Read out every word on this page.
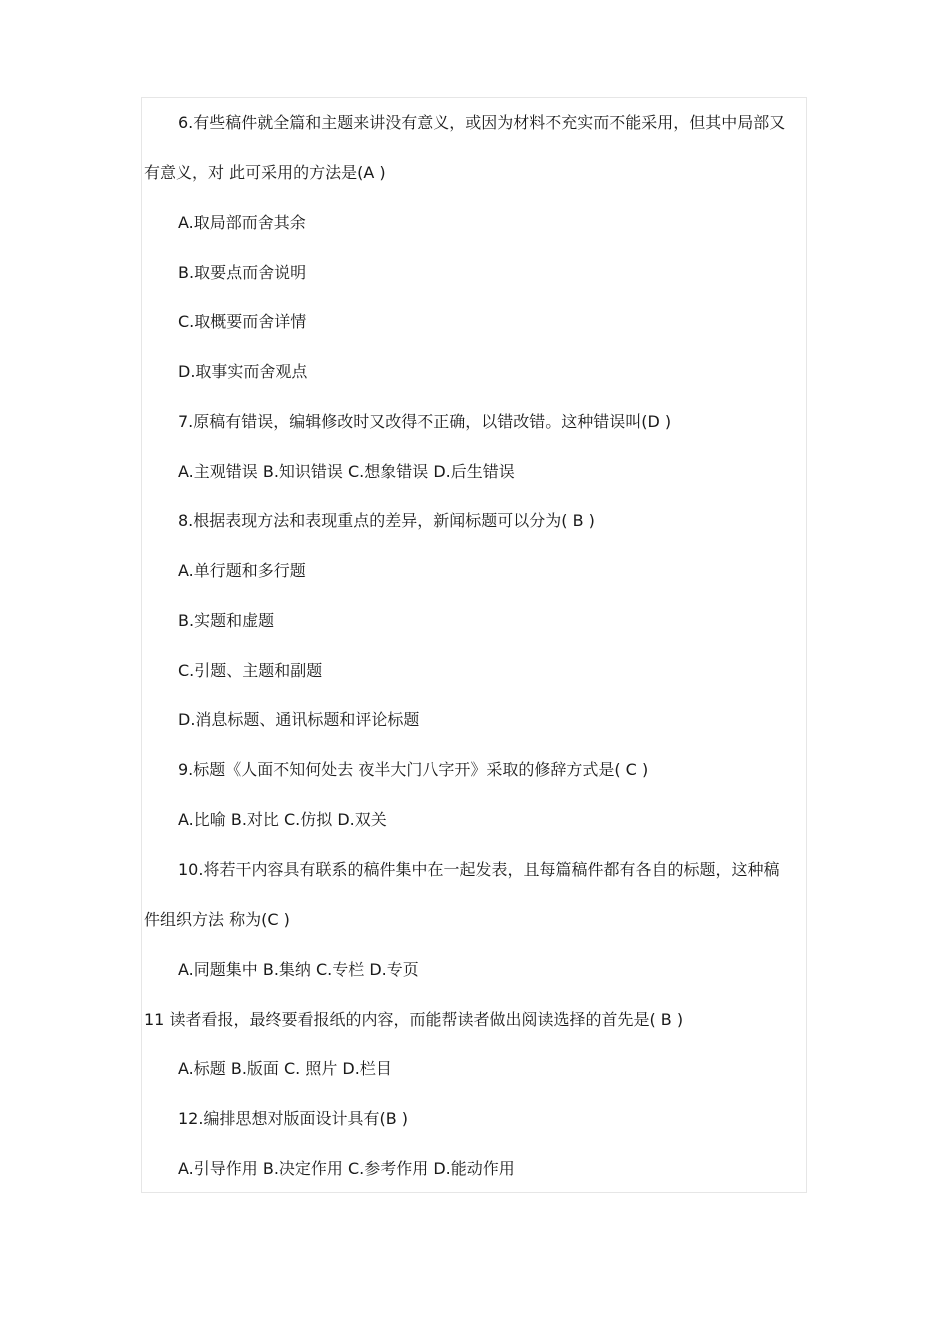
6.有些稿件就全篇和主题来讲没有意义，或因为材料不充实而不能采用，但其中局部又
有意义，对 此可采用的方法是(A )
A.取局部而舍其余
B.取要点而舍说明
C.取概要而舍详情
D.取事实而舍观点
7.原稿有错误，编辑修改时又改得不正确，以错改错。这种错误叫(D )
A.主观错误 B.知识错误 C.想象错误 D.后生错误
8.根据表现方法和表现重点的差异，新闻标题可以分为( B )
A.单行题和多行题
B.实题和虚题
C.引题、主题和副题
D.消息标题、通讯标题和评论标题
9.标题《人面不知何处去 夜半大门八字开》采取的修辞方式是( C )
A.比喻 B.对比 C.仿拟 D.双关
10.将若干内容具有联系的稿件集中在一起发表，且每篇稿件都有各自的标题，这种稿
件组织方法 称为(C )
A.同题集中 B.集纳 C.专栏 D.专页
11 读者看报，最终要看报纸的内容，而能帮读者做出阅读选择的首先是( B )
A.标题 B.版面 C. 照片 D.栏目
12.编排思想对版面设计具有(B )
A.引导作用 B.决定作用 C.参考作用 D.能动作用
